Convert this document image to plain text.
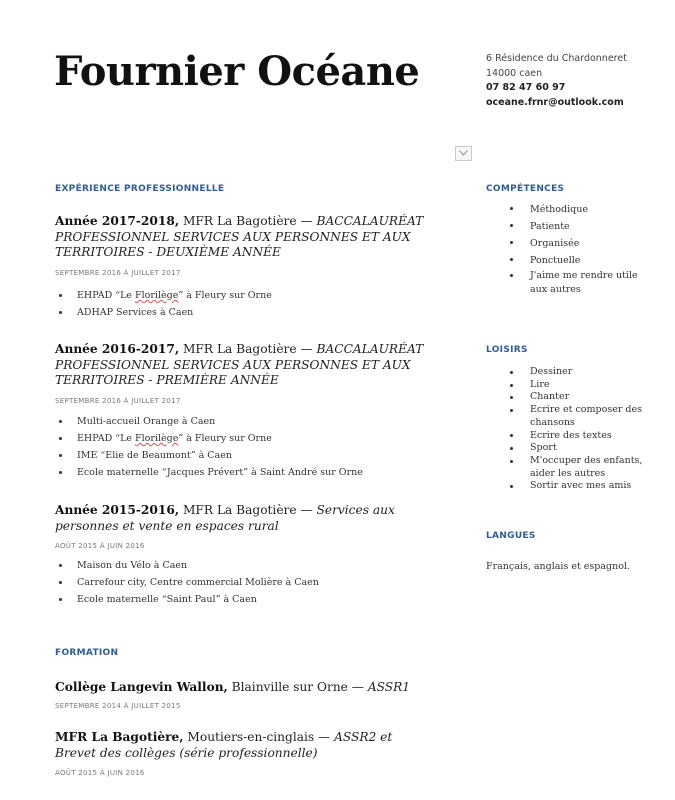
Fournier Océane	6 Résidence du Chardonneret
14000 caen
07 82 47 60 97
oceane.frnr@outlook.com
EXPÉRIENCE PROFESSIONNELLE
Année 2017-2018, MFR La Bagotière — BACCALAURÉAT PROFESSIONNEL SERVICES AUX PERSONNES ET AUX TERRITOIRES - DEUXIÈME ANNÉE
SEPTEMBRE 2016 À JUILLET 2017
EHPAD “Le Florilège” à Fleury sur Orne
ADHAP Services à Caen
Année 2016-2017, MFR La Bagotière — BACCALAURÉAT PROFESSIONNEL SERVICES AUX PERSONNES ET AUX TERRITOIRES - PREMIÈRE ANNÉE
SEPTEMBRE 2016 À JUILLET 2017
Multi-accueil Orange à Caen
EHPAD “Le Florilège” à Fleury sur Orne
IME “Elie de Beaumont” à Caen
Ecole maternelle “Jacques Prévert” à Saint André sur Orne
Année 2015-2016, MFR La Bagotière — Services aux personnes et vente en espaces rural
AOÛT 2015 À JUIN 2016
Maison du Vélo à Caen
Carrefour city, Centre commercial Molière à Caen
Ecole maternelle “Saint Paul” à Caen
FORMATION
Collège Langevin Wallon, Blainville sur Orne — ASSR1
SEPTEMBRE 2014 À JUILLET 2015
MFR La Bagotière, Moutiers-en-cinglais — ASSR2 et Brevet des collèges (série professionnelle)
AOÛT 2015 À JUIN 2016
COMPÉTENCES
Méthodique
Patiente
Organisée
Ponctuelle
J'aime me rendre utile aux autres
LOISIRS
Dessiner
Lire
Chanter
Ecrire et composer des chansons
Ecrire des textes
Sport
M'occuper des enfants, aider les autres
Sortir avec mes amis
LANGUES
Français, anglais et espagnol.
